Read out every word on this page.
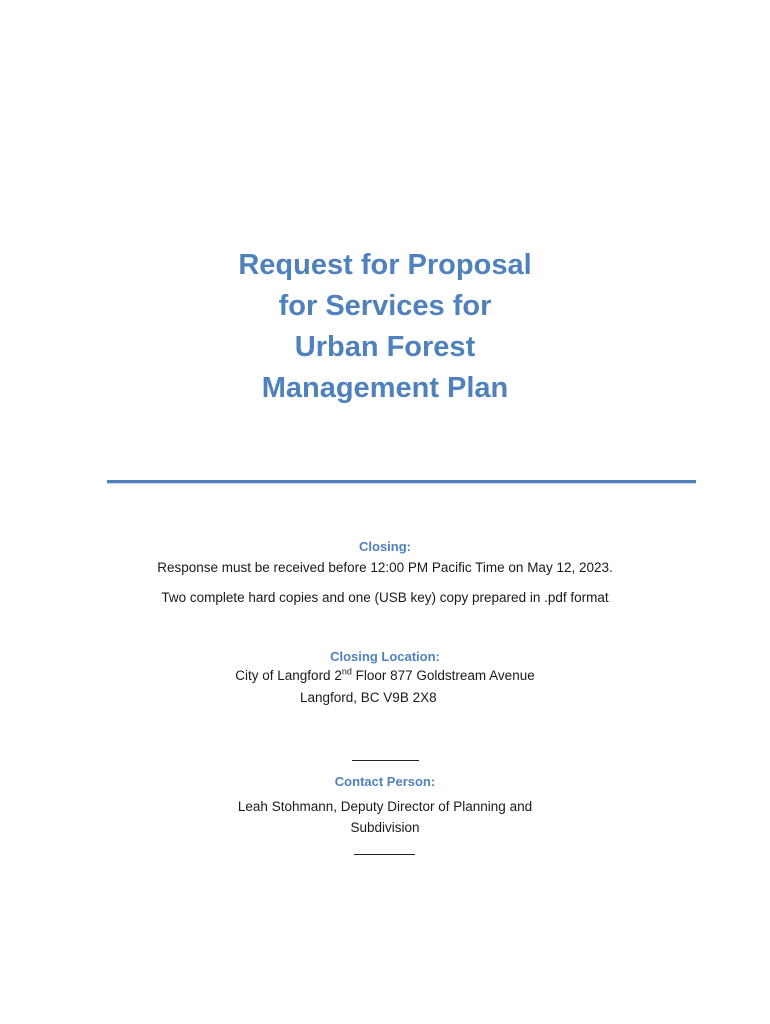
Request for Proposal
for Services for
Urban Forest
Management Plan
Closing:
Response must be received before 12:00 PM Pacific Time on May 12, 2023.
Two complete hard copies and one (USB key) copy prepared in .pdf format
Closing Location:
City of Langford 2nd Floor 877 Goldstream Avenue
Langford, BC V9B 2X8
Contact Person:
Leah Stohmann, Deputy Director of Planning and
Subdivision
